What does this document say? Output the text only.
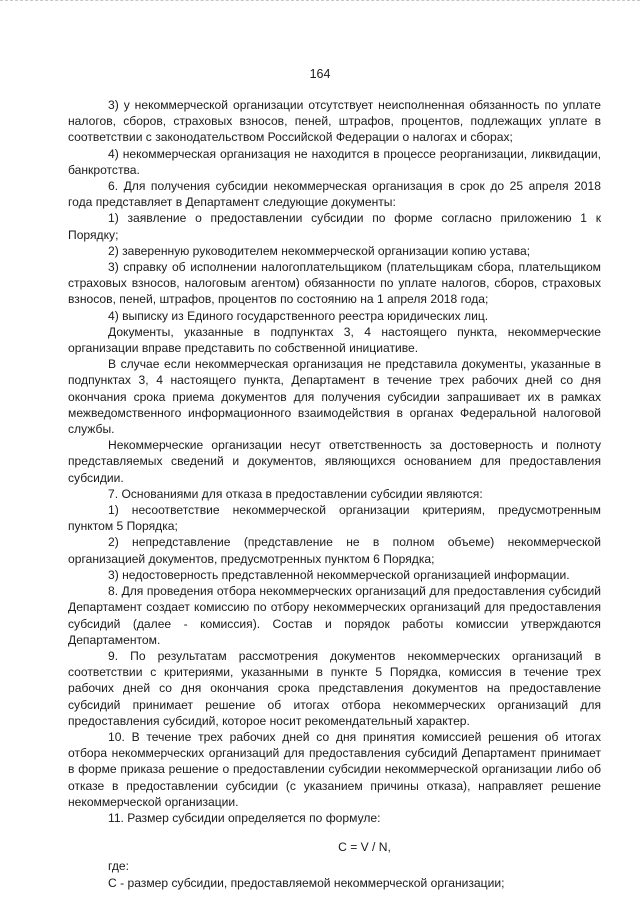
164

3) у некоммерческой организации отсутствует неисполненная обязанность по уплате налогов, сборов, страховых взносов, пеней, штрафов, процентов, подлежащих уплате в соответствии с законодательством Российской Федерации о налогах и сборах;

4) некоммерческая организация не находится в процессе реорганизации, ликвидации, банкротства.

6. Для получения субсидии некоммерческая организация в срок до 25 апреля 2018 года представляет в Департамент следующие документы:

1) заявление о предоставлении субсидии по форме согласно приложению 1 к Порядку;

2) заверенную руководителем некоммерческой организации копию устава;

3) справку об исполнении налогоплательщиком (плательщикам сбора, плательщиком страховых взносов, налоговым агентом) обязанности по уплате налогов, сборов, страховых взносов, пеней, штрафов, процентов по состоянию на 1 апреля 2018 года;

4) выписку из Единого государственного реестра юридических лиц.

Документы, указанные в подпунктах 3, 4 настоящего пункта, некоммерческие организации вправе представить по собственной инициативе.

В случае если некоммерческая организация не представила документы, указанные в подпунктах 3, 4 настоящего пункта, Департамент в течение трех рабочих дней со дня окончания срока приема документов для получения субсидии запрашивает их в рамках межведомственного информационного взаимодействия в органах Федеральной налоговой службы.

Некоммерческие организации несут ответственность за достоверность и полноту представляемых сведений и документов, являющихся основанием для предоставления субсидии.

7. Основаниями для отказа в предоставлении субсидии являются:

1) несоответствие некоммерческой организации критериям, предусмотренным пунктом 5 Порядка;

2) непредставление (представление не в полном объеме) некоммерческой организацией документов, предусмотренных пунктом 6 Порядка;

3) недостоверность представленной некоммерческой организацией информации.

8. Для проведения отбора некоммерческих организаций для предоставления субсидий Департамент создает комиссию по отбору некоммерческих организаций для предоставления субсидий (далее - комиссия). Состав и порядок работы комиссии утверждаются Департаментом.

9. По результатам рассмотрения документов некоммерческих организаций в соответствии с критериями, указанными в пункте 5 Порядка, комиссия в течение трех рабочих дней со дня окончания срока представления документов на предоставление субсидий принимает решение об итогах отбора некоммерческих организаций для предоставления субсидий, которое носит рекомендательный характер.

10. В течение трех рабочих дней со дня принятия комиссией решения об итогах отбора некоммерческих организаций для предоставления субсидий Департамент принимает в форме приказа решение о предоставлении субсидии некоммерческой организации либо об отказе в предоставлении субсидии (с указанием причины отказа), направляет решение некоммерческой организации.

11. Размер субсидии определяется по формуле:

C = V / N,

где:

C - размер субсидии, предоставляемой некоммерческой организации;
